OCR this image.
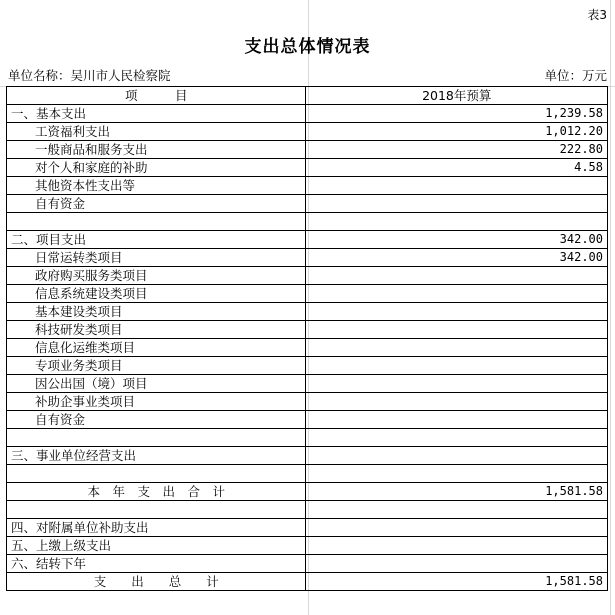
表3
支出总体情况表
单位名称：吴川市人民检察院	单位：万元
项　　　目	2018年预算
一、基本支出	1,239.58
工资福利支出	1,012.20
一般商品和服务支出	222.80
对个人和家庭的补助	4.58
其他资本性支出等	
自有资金	

二、项目支出	342.00
日常运转类项目	342.00
政府购买服务类项目	
信息系统建设类项目	
基本建设类项目	
科技研发类项目	
信息化运维类项目	
专项业务类项目	
因公出国（境）项目	
补助企事业类项目	
自有资金	

三、事业单位经营支出	

本　年　支　出　合　计	1,581.58

四、对附属单位补助支出	
五、上缴上级支出	
六、结转下年	
支　　出　　总　　计	1,581.58
